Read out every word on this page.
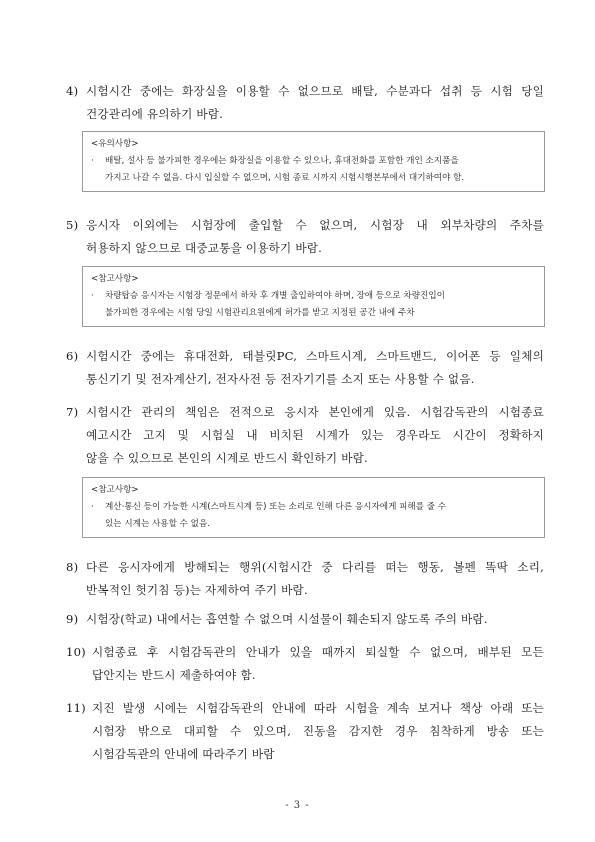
4) 시험시간 중에는 화장실을 이용할 수 없으므로 배탈, 수분과다 섭취 등 시험 당일
건강관리에 유의하기 바람.
<유의사항>
· 배탈, 설사 등 불가피한 경우에는 화장실을 이용할 수 있으나, 휴대전화를 포함한 개인 소지품을
가지고 나갈 수 없음. 다시 입실할 수 없으며, 시험 종료 시까지 시험시행본부에서 대기하여야 함.
5) 응시자 이외에는 시험장에 출입할 수 없으며, 시험장 내 외부차량의 주차를
허용하지 않으므로 대중교통을 이용하기 바람.
<참고사항>
· 차량탑승 응시자는 시험장 정문에서 하차 후 개별 출입하여야 하며, 장애 등으로 차량진입이
불가피한 경우에는 시험 당일 시험관리요원에게 허가를 받고 지정된 공간 내에 주차
6) 시험시간 중에는 휴대전화, 태블릿PC, 스마트시계, 스마트밴드, 이어폰 등 일체의
통신기기 및 전자계산기, 전자사전 등 전자기기를 소지 또는 사용할 수 없음.
7) 시험시간 관리의 책임은 전적으로 응시자 본인에게 있음. 시험감독관의 시험종료
예고시간 고지 및 시험실 내 비치된 시계가 있는 경우라도 시간이 정확하지
않을 수 있으므로 본인의 시계로 반드시 확인하기 바람.
<참고사항>
· 계산·통신 등이 가능한 시계(스마트시계 등) 또는 소리로 인해 다른 응시자에게 피해를 줄 수
있는 시계는 사용할 수 없음.
8) 다른 응시자에게 방해되는 행위(시험시간 중 다리를 떠는 행동, 볼펜 똑딱 소리,
반복적인 헛기침 등)는 자제하여 주기 바람.
9) 시험장(학교) 내에서는 흡연할 수 없으며 시설물이 훼손되지 않도록 주의 바람.
10) 시험종료 후 시험감독관의 안내가 있을 때까지 퇴실할 수 없으며, 배부된 모든
답안지는 반드시 제출하여야 함.
11) 지진 발생 시에는 시험감독관의 안내에 따라 시험을 계속 보거나 책상 아래 또는
시험장 밖으로 대피할 수 있으며, 진동을 감지한 경우 침착하게 방송 또는
시험감독관의 안내에 따라주기 바람
- 3 -
